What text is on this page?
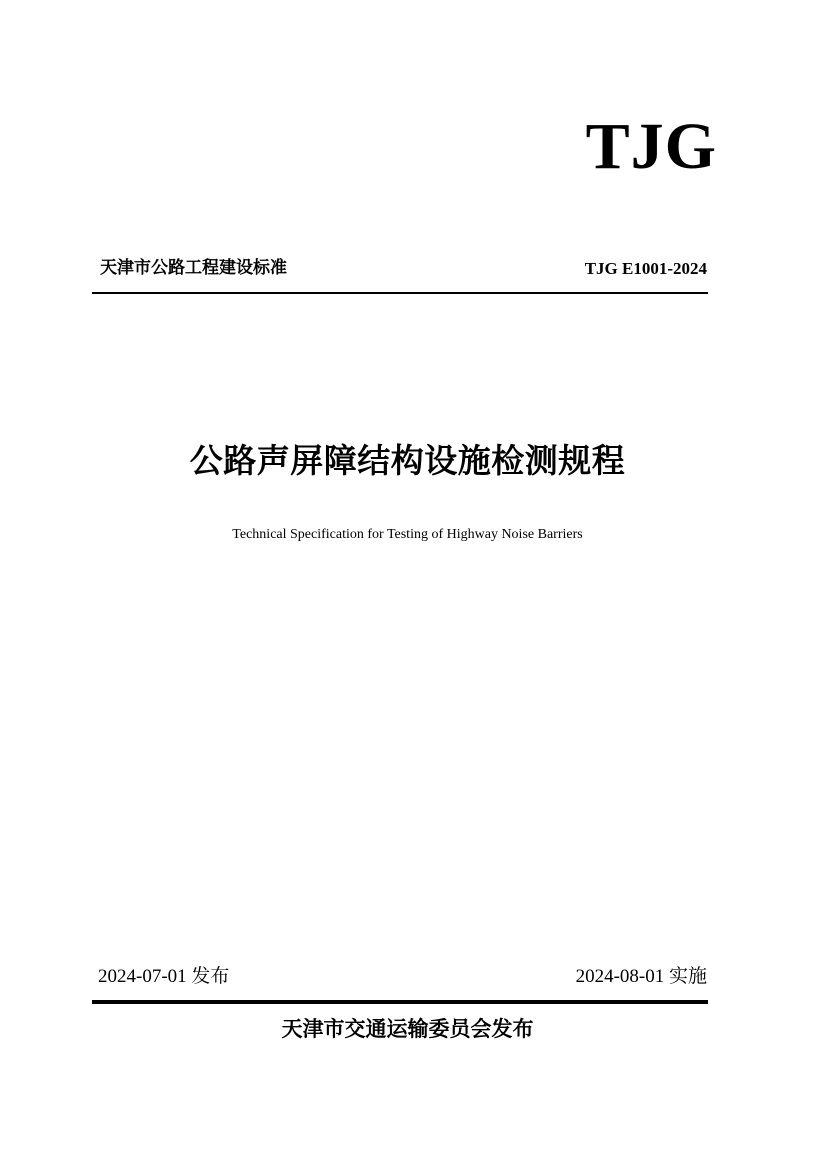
TJG
天津市公路工程建设标准	TJG E1001-2024
公路声屏障结构设施检测规程
Technical Specification for Testing of Highway Noise Barriers
2024-07-01 发布	2024-08-01 实施
天津市交通运输委员会发布
